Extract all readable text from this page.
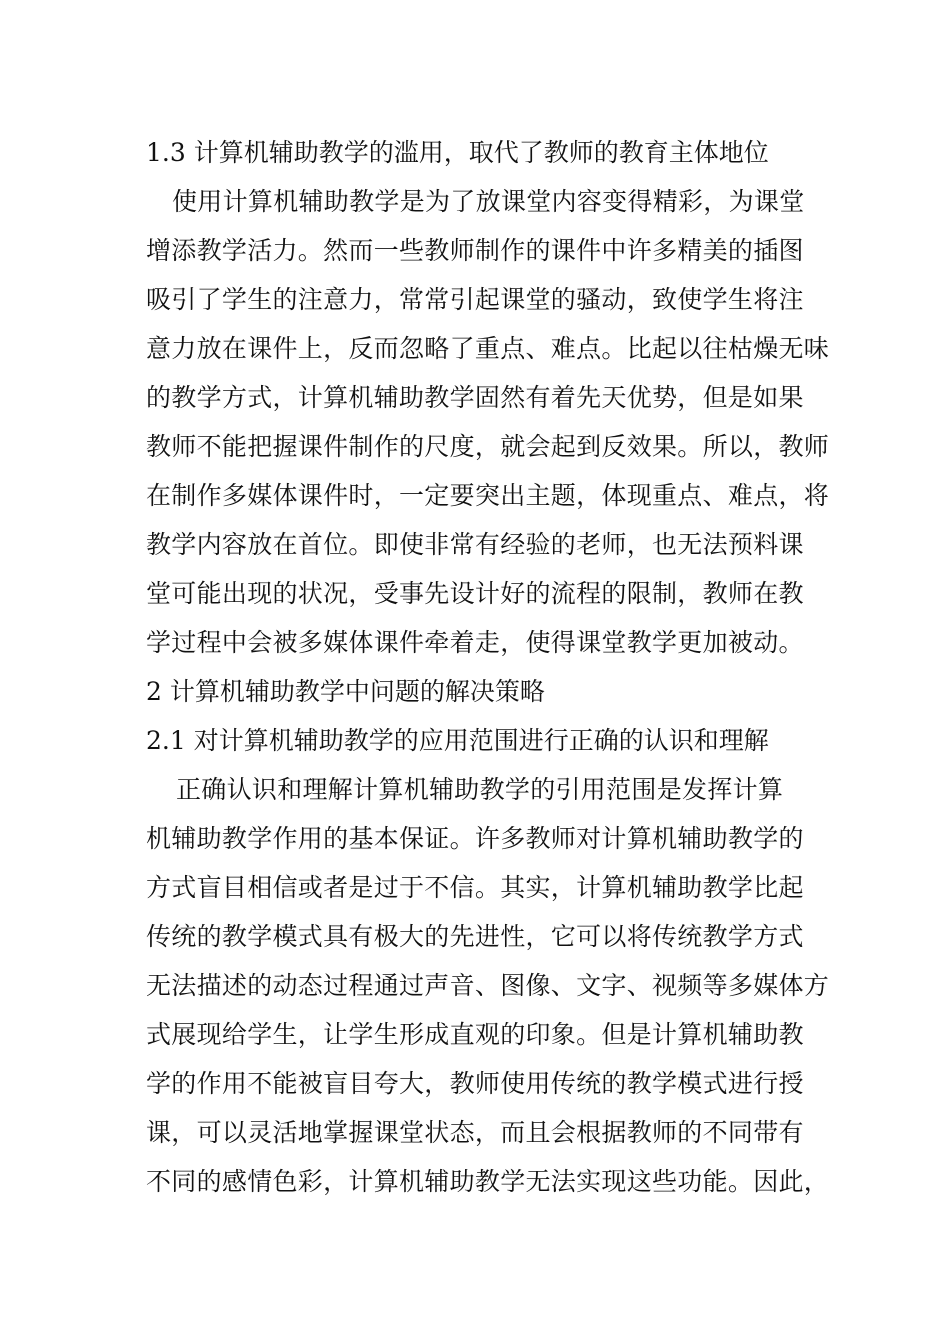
1.3 计算机辅助教学的滥用，取代了教师的教育主体地位
使用计算机辅助教学是为了放课堂内容变得精彩，为课堂
增添教学活力。然而一些教师制作的课件中许多精美的插图
吸引了学生的注意力，常常引起课堂的骚动，致使学生将注
意力放在课件上，反而忽略了重点、难点。比起以往枯燥无味
的教学方式，计算机辅助教学固然有着先天优势，但是如果
教师不能把握课件制作的尺度，就会起到反效果。所以，教师
在制作多媒体课件时，一定要突出主题，体现重点、难点，将
教学内容放在首位。即使非常有经验的老师，也无法预料课
堂可能出现的状况，受事先设计好的流程的限制，教师在教
学过程中会被多媒体课件牵着走，使得课堂教学更加被动。
2 计算机辅助教学中问题的解决策略
2.1 对计算机辅助教学的应用范围进行正确的认识和理解
正确认识和理解计算机辅助教学的引用范围是发挥计算
机辅助教学作用的基本保证。许多教师对计算机辅助教学的
方式盲目相信或者是过于不信。其实，计算机辅助教学比起
传统的教学模式具有极大的先进性，它可以将传统教学方式
无法描述的动态过程通过声音、图像、文字、视频等多媒体方
式展现给学生，让学生形成直观的印象。但是计算机辅助教
学的作用不能被盲目夸大，教师使用传统的教学模式进行授
课，可以灵活地掌握课堂状态，而且会根据教师的不同带有
不同的感情色彩，计算机辅助教学无法实现这些功能。因此，
